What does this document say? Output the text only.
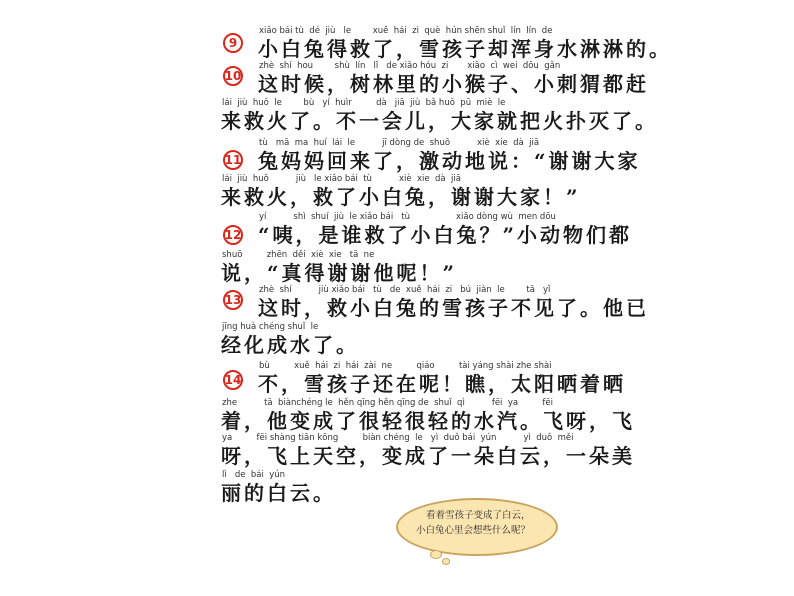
9
10
11
12
13
14
xiǎo bái tù  dé  jiù   le        xuě  hái  zi  què  hún shēn shuǐ  lín  lín  de
小白兔得救了，雪孩子却浑身水淋淋的。
zhè  shí  hou        shù  lín   lǐ   de xiǎo hóu  zi       xiǎo  cì  wei  dōu  gǎn
这时候，树林里的小猴子、小刺猬都赶
lái  jiù  huǒ  le        bù   yí  huìr         dà   jiā  jiù  bǎ huǒ  pū  miè  le
来救火了。不一会儿，大家就把火扑灭了。
tù   mā  ma  huí  lái  le          jī dòng de  shuō          xiè  xie  dà  jiā
兔妈妈回来了，激动地说：“谢谢大家
lái  jiù  huǒ          jiù   le xiǎo bái  tù          xiè  xie  dà  jiā
来救火，救了小白兔，谢谢大家！”
yí          shì  shuí  jiù  le xiǎo bái   tù                 xiǎo dòng wù  men dōu
“咦，是谁救了小白兔？”小动物们都
shuō         zhēn  děi  xiè  xie   tā  ne
说，“真得谢谢他呢！”
zhè  shí          jiù xiǎo bái   tù   de  xuě  hái  zi   bú  jiàn  le        tā   yǐ
这时，救小白兔的雪孩子不见了。他已
jīng huà chéng shuǐ  le
经化成水了。
bù         xuě  hái  zi  hái  zài  ne         qiáo         tài yáng shài zhe shài
不，雪孩子还在呢！瞧，太阳晒着晒
zhe          tā  biànchéng le  hěn qīng hěn qīng de  shuǐ  qì          fēi  ya         fēi
着，他变成了很轻很轻的水汽。飞呀，飞
ya         fēi shàng tiān kōng         biàn chéng  le   yì  duǒ bái  yún          yì  duǒ  měi
呀，飞上天空，变成了一朵白云，一朵美
lì   de  bái  yún
丽的白云。
看着雪孩子变成了白云，
小白兔心里会想些什么呢？
